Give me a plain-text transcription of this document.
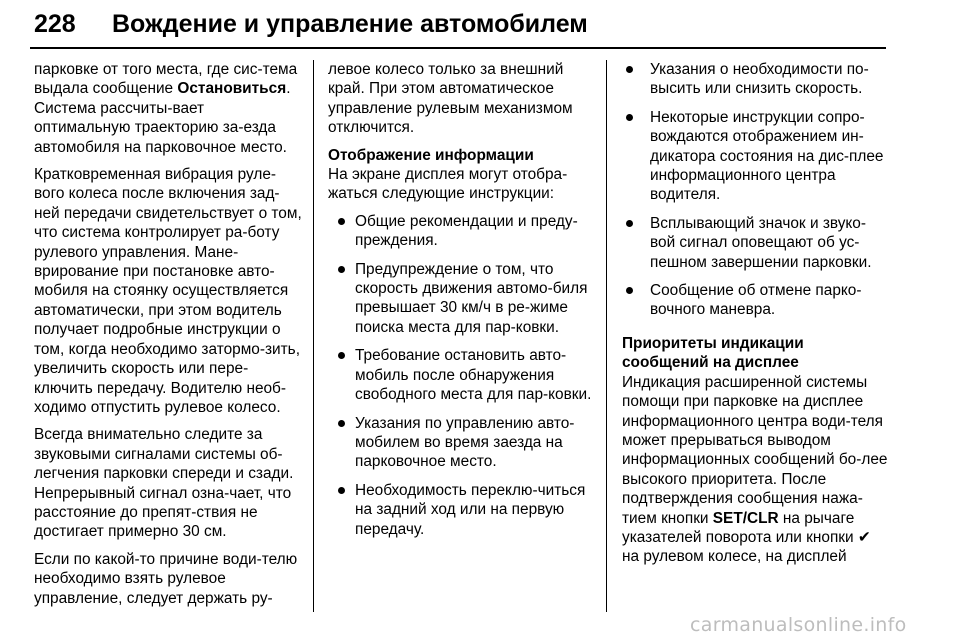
228 Вождение и управление автомобилем

парковке от того места, где сис-тема выдала сообщение Остановиться. Система рассчиты-вает оптимальную траекторию за-езда автомобиля на парковочное место.

Кратковременная вибрация руле-вого колеса после включения зад-ней передачи свидетельствует о том, что система контролирует ра-боту рулевого управления. Мане-врирование при постановке авто-мобиля на стоянку осуществляется автоматически, при этом водитель получает подробные инструкции о том, когда необходимо затормо-зить, увеличить скорость или пере-ключить передачу. Водителю необ-ходимо отпустить рулевое колесо.

Всегда внимательно следите за звуковыми сигналами системы об-легчения парковки спереди и сзади. Непрерывный сигнал озна-чает, что расстояние до препят-ствия не достигает примерно 30 см.

Если по какой-то причине води-телю необходимо взять рулевое управление, следует держать ру-

левое колесо только за внешний край. При этом автоматическое управление рулевым механизмом отключится.

Отображение информации

На экране дисплея могут отобра-жаться следующие инструкции:

Общие рекомендации и преду-преждения.
Предупреждение о том, что скорость движения автомо-биля превышает 30 км/ч в ре-жиме поиска места для пар-ковки.
Требование остановить авто-мобиль после обнаружения свободного места для пар-ковки.
Указания по управлению авто-мобилем во время заезда на парковочное место.
Необходимость переклю-читься на задний ход или на первую передачу.
Указания о необходимости по-высить или снизить скорость.
Некоторые инструкции сопро-вождаются отображением ин-дикатора состояния на дис-плее информационного центра водителя.
Всплывающий значок и звуко-вой сигнал оповещают об ус-пешном завершении парковки.
Сообщение об отмене парко-вочного маневра.
Приоритеты индикации сообщений на дисплее

Индикация расширенной системы помощи при парковке на дисплее информационного центра води-теля может прерываться выводом информационных сообщений бо-лее высокого приоритета. После подтверждения сообщения нажа-тием кнопки SET/CLR на рычаге указателей поворота или кнопки ✔ на рулевом колесе, на дисплей

carmanualsonline.info
